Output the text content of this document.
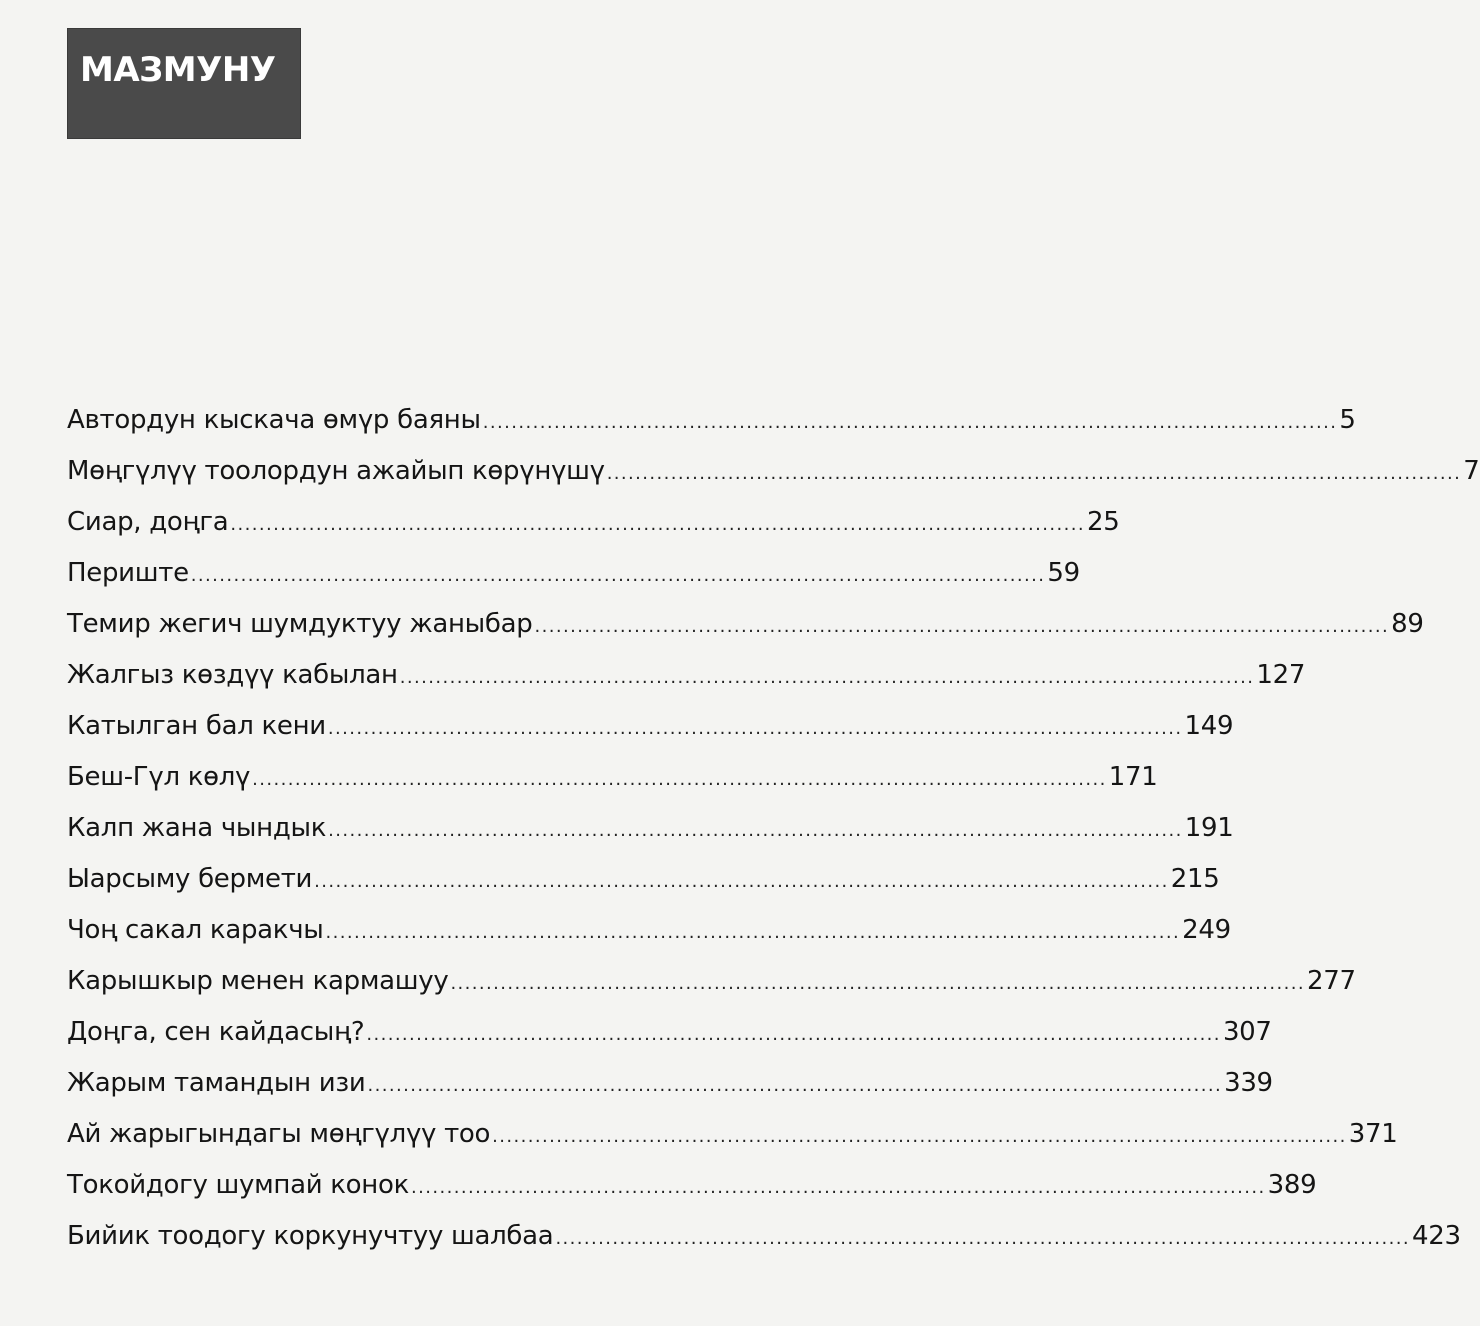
МАЗМУНУ
Автордун кыскача өмүр баяны ........................................................................................................................ 5
Мөңгүлүү тоолордун ажайып көрүнүшү ........................................................................................................................ 7
Сиар, доңга ........................................................................................................................ 25
Периште ........................................................................................................................ 59
Темир жегич шумдуктуу жаныбар ........................................................................................................................ 89
Жалгыз көздүү кабылан ........................................................................................................................ 127
Катылган бал кени ........................................................................................................................ 149
Беш-Гүл көлү ........................................................................................................................ 171
Калп жана чындык ........................................................................................................................ 191
Ыарсыму бермети ........................................................................................................................ 215
Чоң сакал каракчы ........................................................................................................................ 249
Карышкыр менен кармашуу ........................................................................................................................ 277
Доңга, сен кайдасың? ........................................................................................................................ 307
Жарым тамандын изи ........................................................................................................................ 339
Ай жарыгындагы мөңгүлүү тоо ........................................................................................................................ 371
Токойдогу шумпай конок ........................................................................................................................ 389
Бийик тоодогу коркунучтуу шалбаа ........................................................................................................................ 423
